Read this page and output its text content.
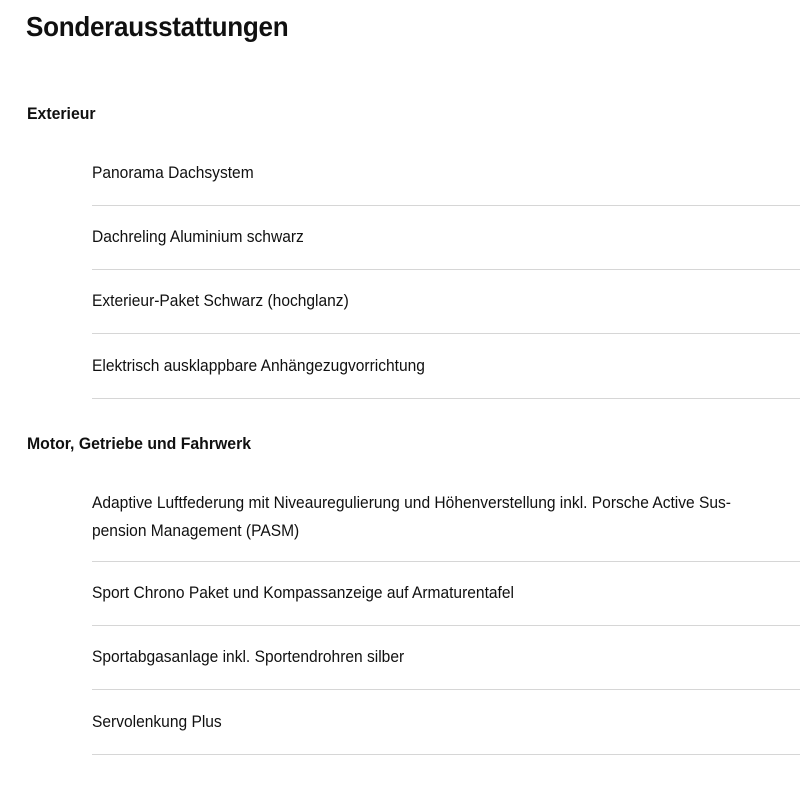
Sonderausstattungen
Exterieur

Panorama Dachsystem

Dachreling Aluminium schwarz

Exterieur-Paket Schwarz (hochglanz)

Elektrisch ausklappbare Anhängezugvorrichtung

Motor, Getriebe und Fahrwerk

Adaptive Luftfederung mit Niveauregulierung und Höhenverstellung inkl. Porsche Active Sus-

pension Management (PASM)

Sport Chrono Paket und Kompassanzeige auf Armaturentafel

Sportabgasanlage inkl. Sportendrohren silber

Servolenkung Plus
